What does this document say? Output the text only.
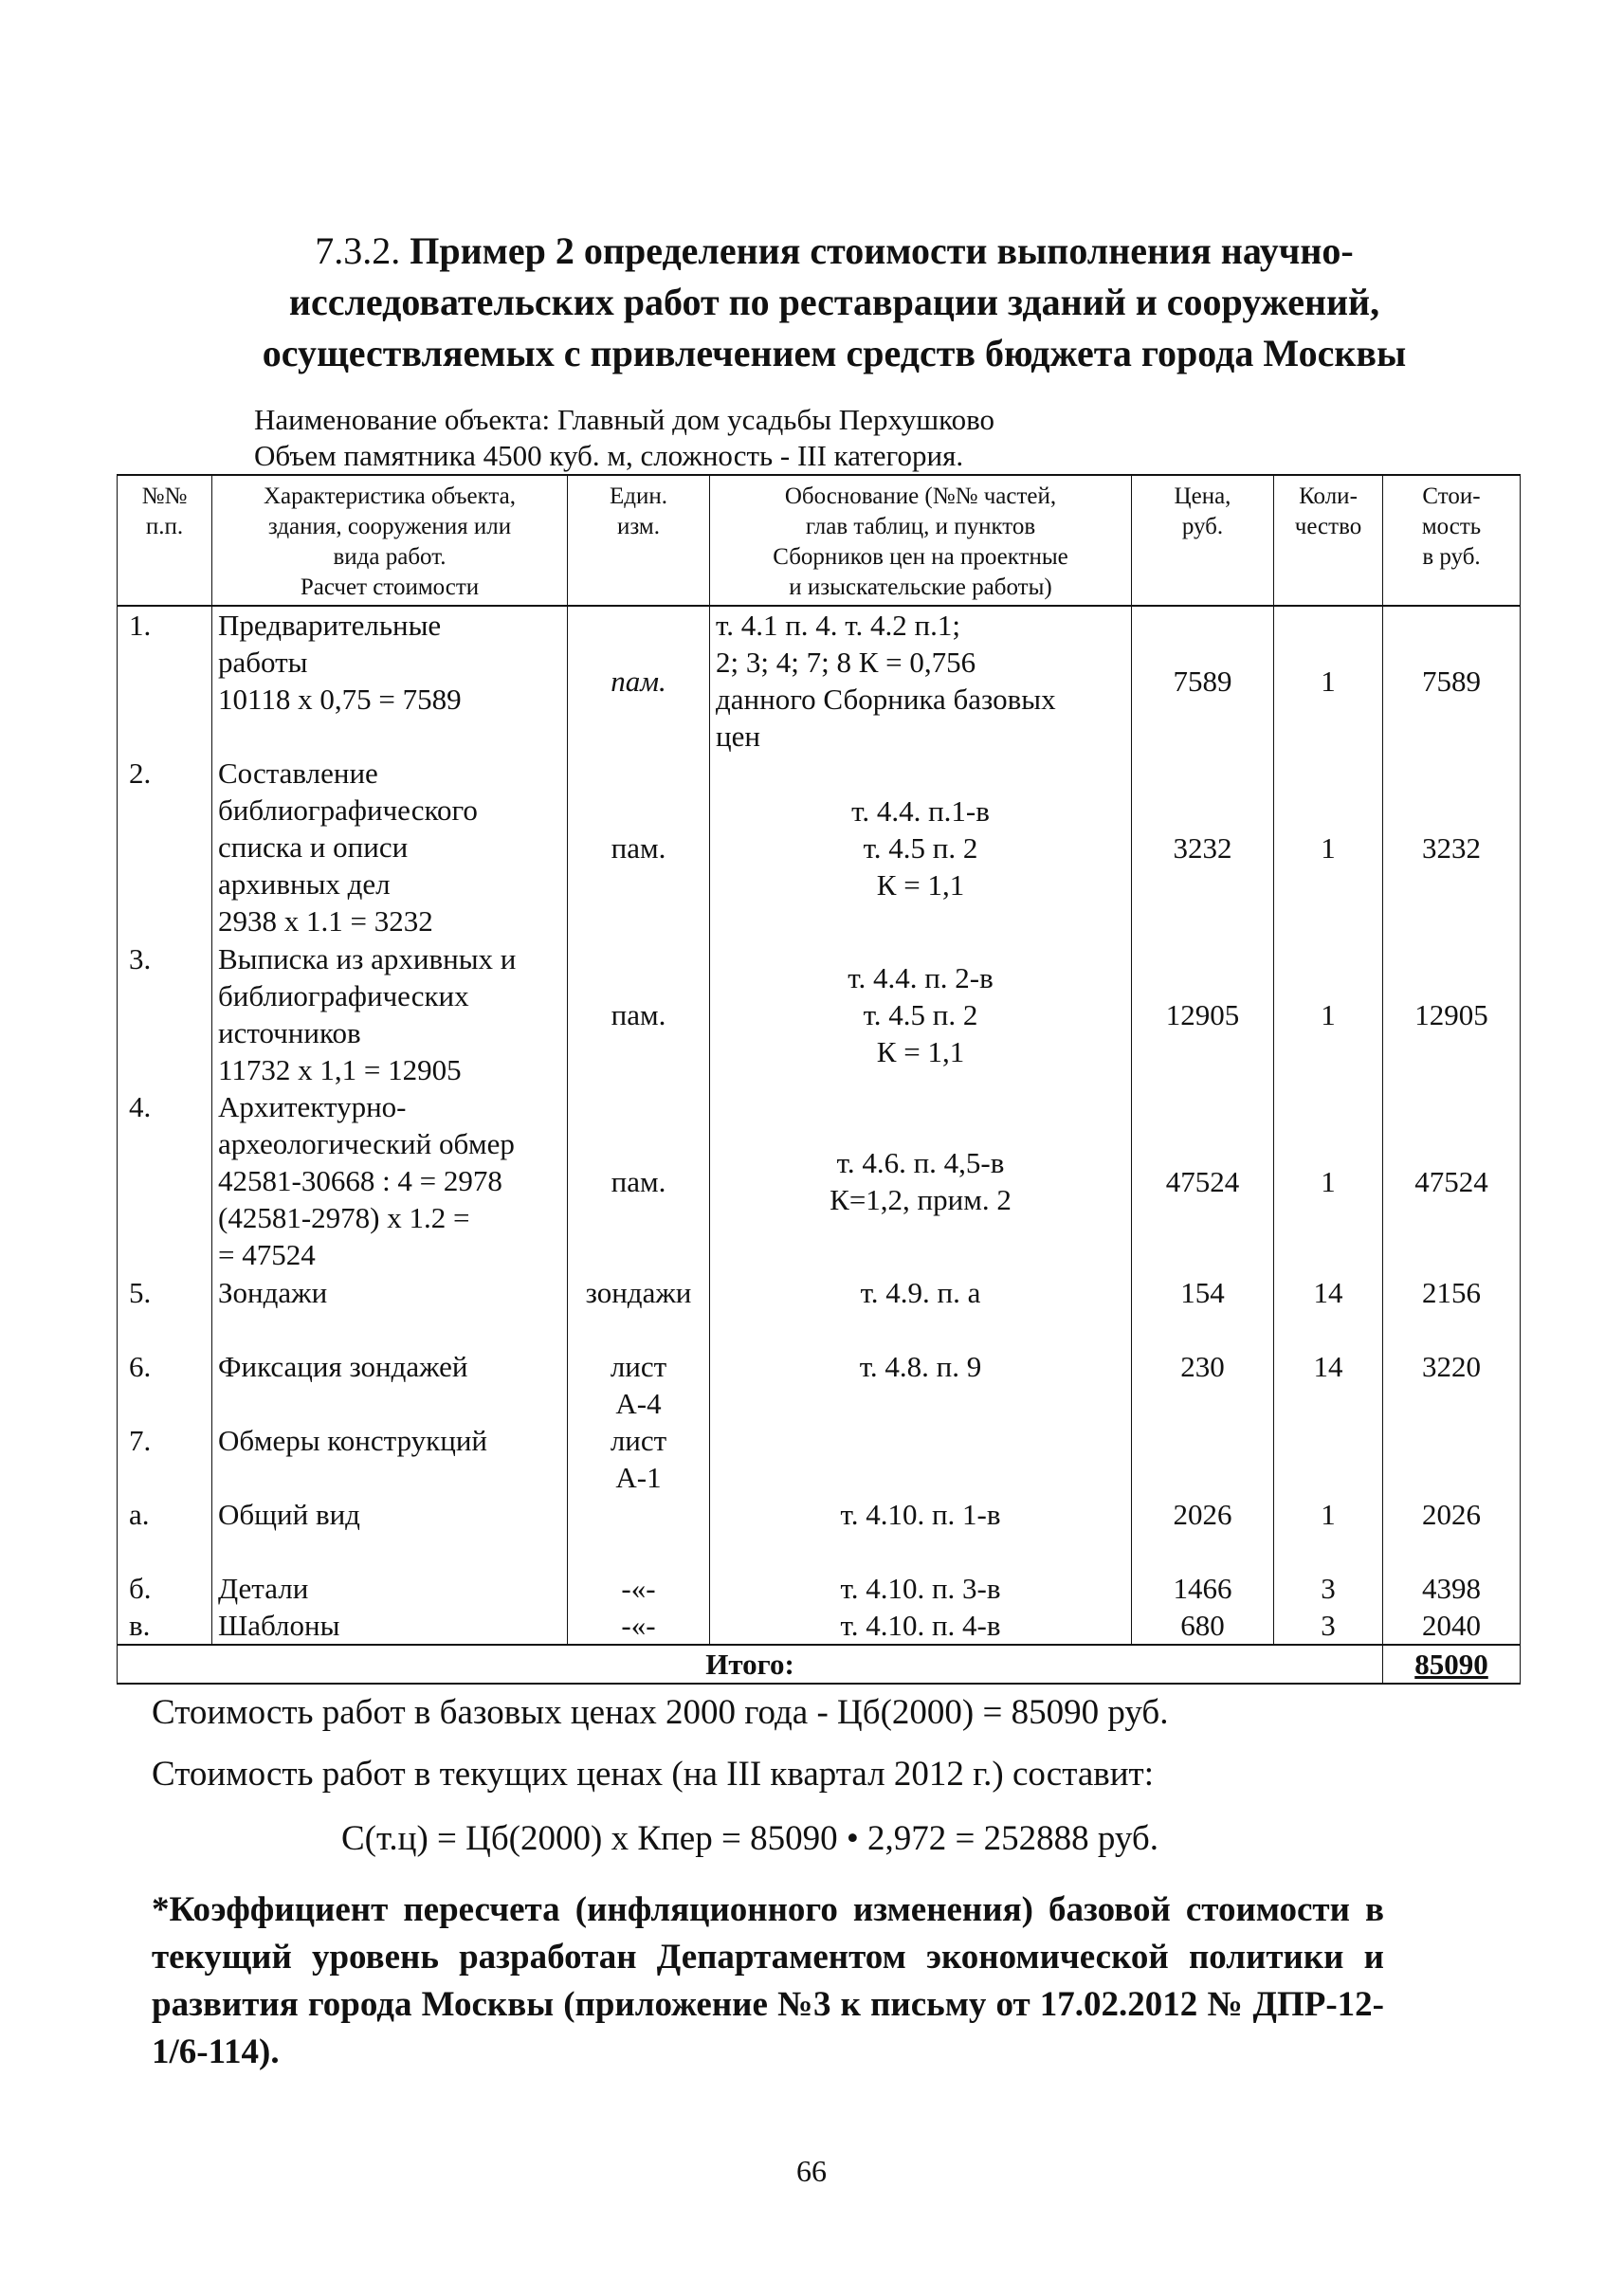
7.3.2. Пример 2 определения стоимости выполнения научно-
исследовательских работ по реставрации зданий и сооружений,
осуществляемых с привлечением средств бюджета города Москвы
Наименование объекта: Главный дом усадьбы Перхушково
Объем памятника 4500 куб. м, сложность - III категория.
№№
п.п.	Характеристика объекта,
здания, сооружения или
вида работ.
Расчет стоимости	Един.
изм.	Обоснование (№№ частей,
глав таблиц, и пунктов
Сборников цен на проектные
и изыскательские работы)	Цена,
руб.	Коли-
чество	Стои-
мость
в руб.
1.	Предварительные
работы
10118 х 0,75 = 7589	пам.	т. 4.1 п. 4. т. 4.2 п.1;
2; 3; 4; 7; 8 К = 0,756
данного Сборника базовых
цен	7589	1	7589
2.	Составление
библиографического
списка и описи
архивных дел
2938 х 1.1 = 3232	пам.	т. 4.4. п.1-в
т. 4.5 п. 2
К = 1,1	3232	1	3232
3.	Выписка из архивных и
библиографических
источников
11732 х 1,1 = 12905	пам.	т. 4.4. п. 2-в
т. 4.5 п. 2
К = 1,1	12905	1	12905
4.	Архитектурно-
археологический обмер
42581-30668 : 4 = 2978
(42581-2978) х 1.2 =
= 47524	пам.	т. 4.6. п. 4,5-в
К=1,2, прим. 2	47524	1	47524
5.	Зондажи	зондажи	т. 4.9. п. а	154	14	2156
6.	Фиксация зондажей	лист
А-4	т. 4.8. п. 9	230	14	3220
7.	Обмеры конструкций	лист
А-1				
а.	Общий вид		т. 4.10. п. 1-в	2026	1	2026
б.	Детали	-«-	т. 4.10. п. 3-в	1466	3	4398
в.	Шаблоны	-«-	т. 4.10. п. 4-в	680	3	2040
Итого:						85090
Стоимость работ в базовых ценах 2000 года - Цб(2000) = 85090 руб.
Стоимость работ в текущих ценах (на III квартал 2012 г.) составит:
С(т.ц) = Цб(2000) х Кпер = 85090 • 2,972 = 252888 руб.
*Коэффициент пересчета (инфляционного изменения) базовой стоимости в текущий уровень разработан Департаментом экономической политики и развития города Москвы (приложение №3 к письму от 17.02.2012 № ДПР-12-1/6-114).
66
